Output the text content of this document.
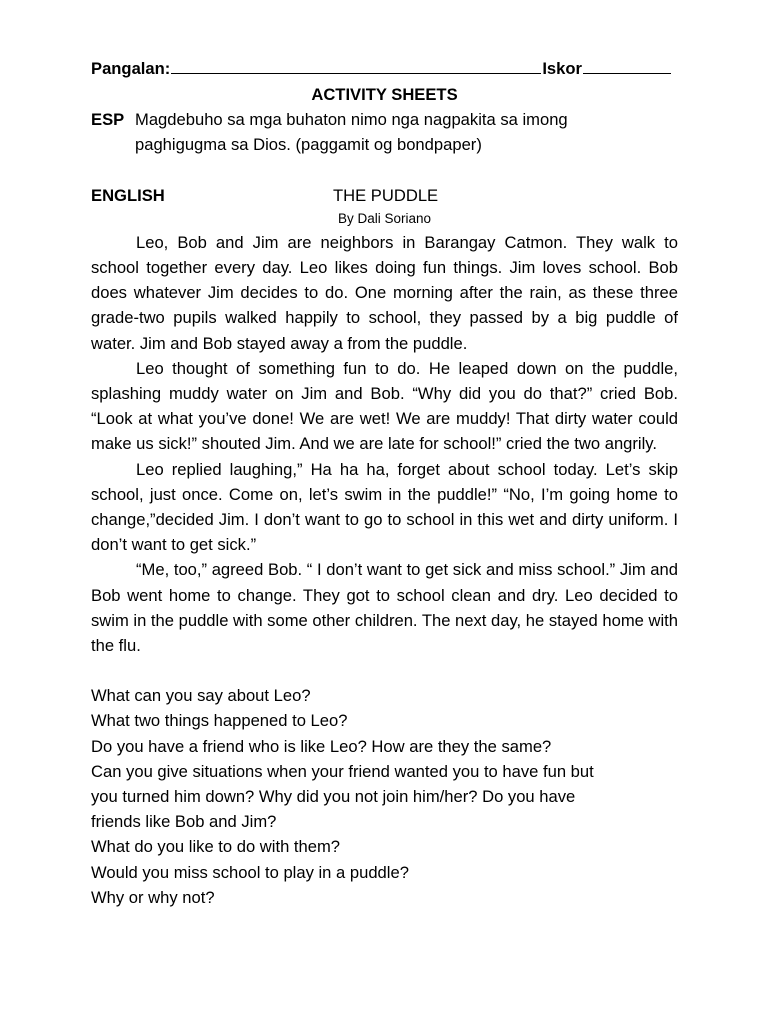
Pangalan:	Iskor
ACTIVITY SHEETS
ESP Magdebuho sa mga buhaton nimo nga nagpakita sa imong
paghigugma sa Dios. (paggamit og bondpaper)
ENGLISH	THE PUDDLE
By Dali Soriano
Leo, Bob and Jim are neighbors in Barangay Catmon. They walk to school together every day. Leo likes doing fun things. Jim loves school. Bob does whatever Jim decides to do. One morning after the rain, as these three grade-two pupils walked happily to school, they passed by a big puddle of water. Jim and Bob stayed away a from the puddle.
Leo thought of something fun to do. He leaped down on the puddle, splashing muddy water on Jim and Bob. “Why did you do that?” cried Bob. “Look at what you’ve done! We are wet! We are muddy! That dirty water could make us sick!” shouted Jim. And we are late for school!” cried the two angrily.
Leo replied laughing,” Ha ha ha, forget about school today. Let’s skip school, just once. Come on, let’s swim in the puddle!” “No, I’m going home to change,”decided Jim. I don’t want to go to school in this wet and dirty uniform. I don’t want to get sick.”
“Me, too,” agreed Bob. “ I don’t want to get sick and miss school.” Jim and Bob went home to change. They got to school clean and dry. Leo decided to swim in the puddle with some other children. The next day, he stayed home with the flu.
What can you say about Leo?
What two things happened to Leo?
Do you have a friend who is like Leo? How are they the same?
Can you give situations when your friend wanted you to have fun but
you turned him down? Why did you not join him/her? Do you have
friends like Bob and Jim?
What do you like to do with them?
Would you miss school to play in a puddle?
Why or why not?
